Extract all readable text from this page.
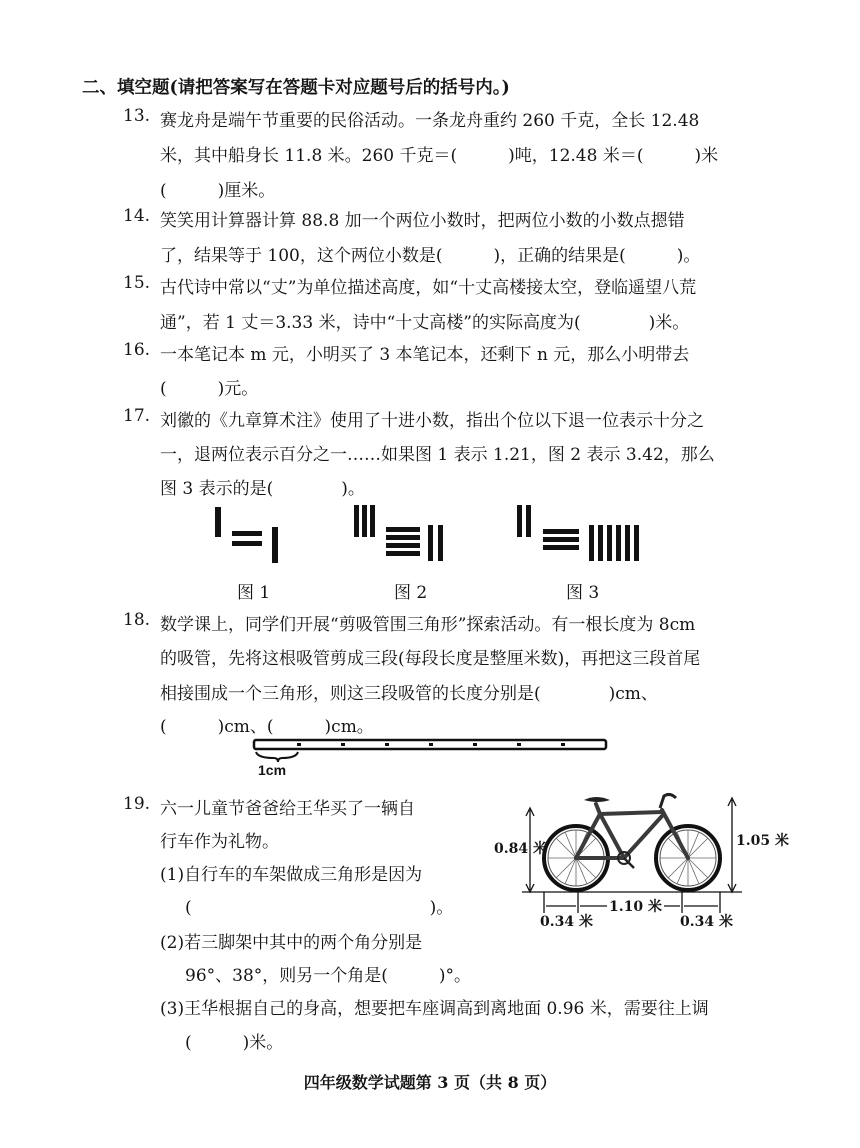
二、填空题(请把答案写在答题卡对应题号后的括号内。)
13. 赛龙舟是端午节重要的民俗活动。一条龙舟重约 260 千克，全长 12.48
米，其中船身长 11.8 米。260 千克＝(　　　)吨，12.48 米＝(　　　)米
(　　　)厘米。
14. 笑笑用计算器计算 88.8 加一个两位小数时，把两位小数的小数点摁错
了，结果等于 100，这个两位小数是(　　　)，正确的结果是(　　　)。
15. 古代诗中常以“丈”为单位描述高度，如“十丈高楼接太空，登临遥望八荒
通”，若 1 丈＝3.33 米，诗中“十丈高楼”的实际高度为(　　　　)米。
16. 一本笔记本 m 元，小明买了 3 本笔记本，还剩下 n 元，那么小明带去
(　　　)元。
17. 刘徽的《九章算术注》使用了十进小数，指出个位以下退一位表示十分之
一，退两位表示百分之一……如果图 1 表示 1.21，图 2 表示 3.42，那么
图 3 表示的是(　　　　)。
图 1	图 2	图 3
18. 数学课上，同学们开展“剪吸管围三角形”探索活动。有一根长度为 8cm
的吸管，先将这根吸管剪成三段(每段长度是整厘米数)，再把这三段首尾
相接围成一个三角形，则这三段吸管的长度分别是(　　　　)cm、
(　　　)cm、(　　　)cm。
1cm
19. 六一儿童节爸爸给王华买了一辆自
行车作为礼物。
(1)自行车的车架做成三角形是因为
(　　　　　　　　　　　　　　)。
(2)若三脚架中其中的两个角分别是
96°、38°，则另一个角是(　　　)°。
(3)王华根据自己的身高，想要把车座调高到离地面 0.96 米，需要往上调
(　　　)米。
0.84 米	1.05 米
0.34 米
1.10 米
0.34 米
四年级数学试题第 3 页（共 8 页）
